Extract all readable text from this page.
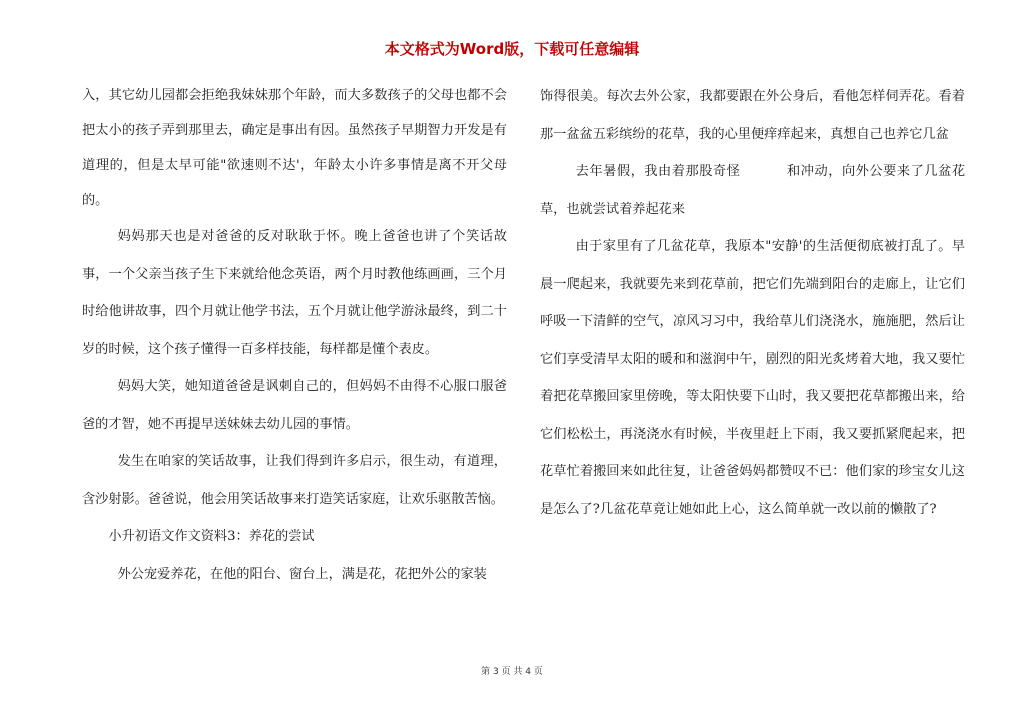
本文格式为Word版，下载可任意编辑

入，其它幼儿园都会拒绝我妹妹那个年龄，而大多数孩子的父母也都不会把太小的孩子弄到那里去，确定是事出有因。虽然孩子早期智力开发是有道理的，但是太早可能"欲速则不达'，年龄太小许多事情是离不开父母的。

妈妈那天也是对爸爸的反对耿耿于怀。晚上爸爸也讲了个笑话故事，一个父亲当孩子生下来就给他念英语，两个月时教他练画画，三个月时给他讲故事，四个月就让他学书法，五个月就让他学游泳最终，到二十岁的时候，这个孩子懂得一百多样技能，每样都是懂个表皮。

妈妈大笑，她知道爸爸是讽刺自己的，但妈妈不由得不心服口服爸爸的才智，她不再提早送妹妹去幼儿园的事情。

发生在咱家的笑话故事，让我们得到许多启示，很生动，有道理，含沙射影。爸爸说，他会用笑话故事来打造笑话家庭，让欢乐驱散苦恼。

小升初语文作文资料3：养花的尝试

外公宠爱养花，在他的阳台、窗台上，满是花，花把外公的家装

饰得很美。每次去外公家，我都要跟在外公身后，看他怎样伺弄花。看着那一盆盆五彩缤纷的花草，我的心里便痒痒起来，真想自己也养它几盆

去年暑假，我由着那股奇怪	和冲动，向外公要来了几盆花草，也就尝试着养起花来

由于家里有了几盆花草，我原本"安静'的生活便彻底被打乱了。早晨一爬起来，我就要先来到花草前，把它们先端到阳台的走廊上，让它们呼吸一下清鲜的空气，凉风习习中，我给草儿们浇浇水，施施肥，然后让它们享受清早太阳的暖和和滋润中午，剧烈的阳光炙烤着大地，我又要忙着把花草搬回家里傍晚，等太阳快要下山时，我又要把花草都搬出来，给它们松松土，再浇浇水有时候，半夜里赶上下雨，我又要抓紧爬起来，把花草忙着搬回来如此往复，让爸爸妈妈都赞叹不已：他们家的珍宝女儿这是怎么了?几盆花草竟让她如此上心，这么简单就一改以前的懒散了?

第 3 页 共 4 页
